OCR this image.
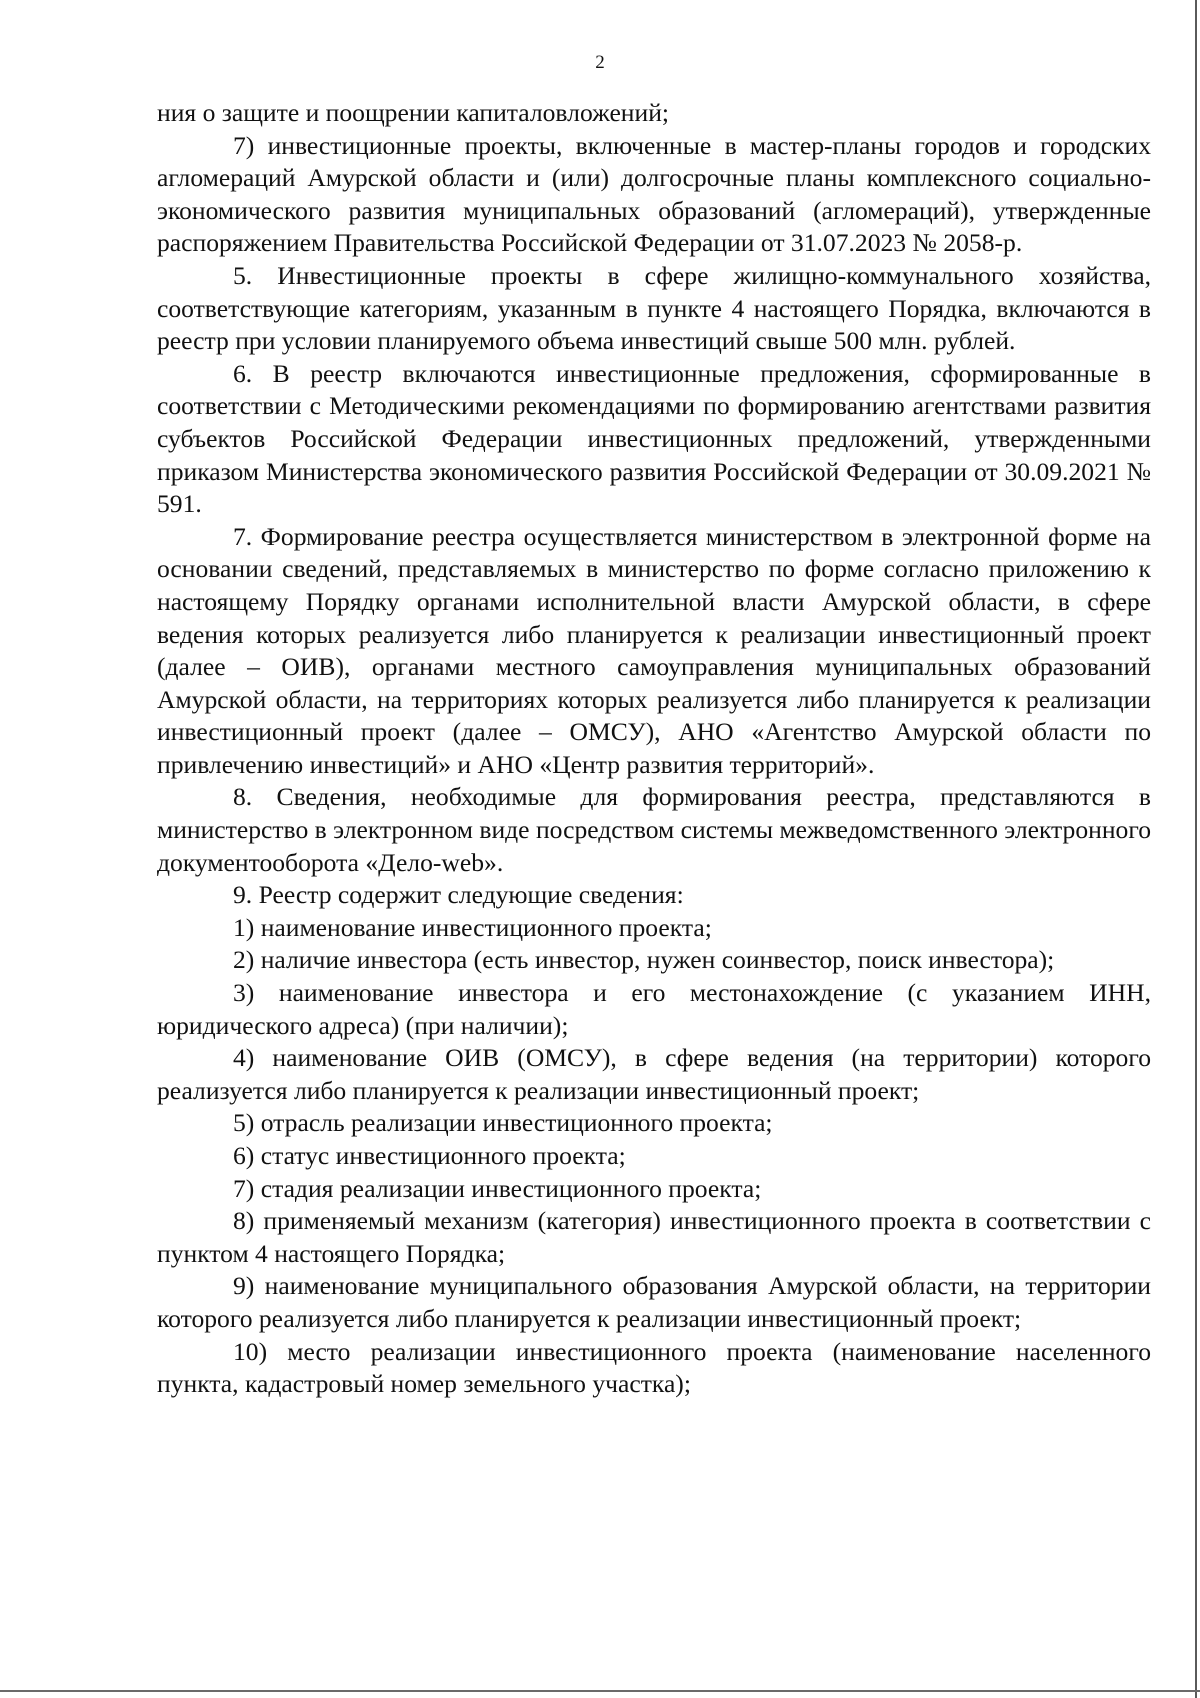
2

ния о защите и поощрении капиталовложений;

7) инвестиционные проекты, включенные в мастер-планы городов и городских агломераций Амурской области и (или) долгосрочные планы комплексного социально-экономического развития муниципальных образований (агломераций), утвержденные распоряжением Правительства Российской Федерации от 31.07.2023 № 2058-р.

5. Инвестиционные проекты в сфере жилищно-коммунального хозяйства, соответствующие категориям, указанным в пункте 4 настоящего Порядка, включаются в реестр при условии планируемого объема инвестиций свыше 500 млн. рублей.

6. В реестр включаются инвестиционные предложения, сформированные в соответствии с Методическими рекомендациями по формированию агентствами развития субъектов Российской Федерации инвестиционных предложений, утвержденными приказом Министерства экономического развития Российской Федерации от 30.09.2021 № 591.

7. Формирование реестра осуществляется министерством в электронной форме на основании сведений, представляемых в министерство по форме согласно приложению к настоящему Порядку органами исполнительной власти Амурской области, в сфере ведения которых реализуется либо планируется к реализации инвестиционный проект (далее – ОИВ), органами местного самоуправления муниципальных образований Амурской области, на территориях которых реализуется либо планируется к реализации инвестиционный проект (далее – ОМСУ), АНО «Агентство Амурской области по привлечению инвестиций» и АНО «Центр развития территорий».

8. Сведения, необходимые для формирования реестра, представляются в министерство в электронном виде посредством системы межведомственного электронного документооборота «Дело-web».

9. Реестр содержит следующие сведения:

1) наименование инвестиционного проекта;

2) наличие инвестора (есть инвестор, нужен соинвестор, поиск инвестора);

3) наименование инвестора и его местонахождение (с указанием ИНН, юридического адреса) (при наличии);

4) наименование ОИВ (ОМСУ), в сфере ведения (на территории) которого реализуется либо планируется к реализации инвестиционный проект;

5) отрасль реализации инвестиционного проекта;

6) статус инвестиционного проекта;

7) стадия реализации инвестиционного проекта;

8) применяемый механизм (категория) инвестиционного проекта в соответствии с пунктом 4 настоящего Порядка;

9) наименование муниципального образования Амурской области, на территории которого реализуется либо планируется к реализации инвестиционный проект;

10) место реализации инвестиционного проекта (наименование населенного пункта, кадастровый номер земельного участка);
